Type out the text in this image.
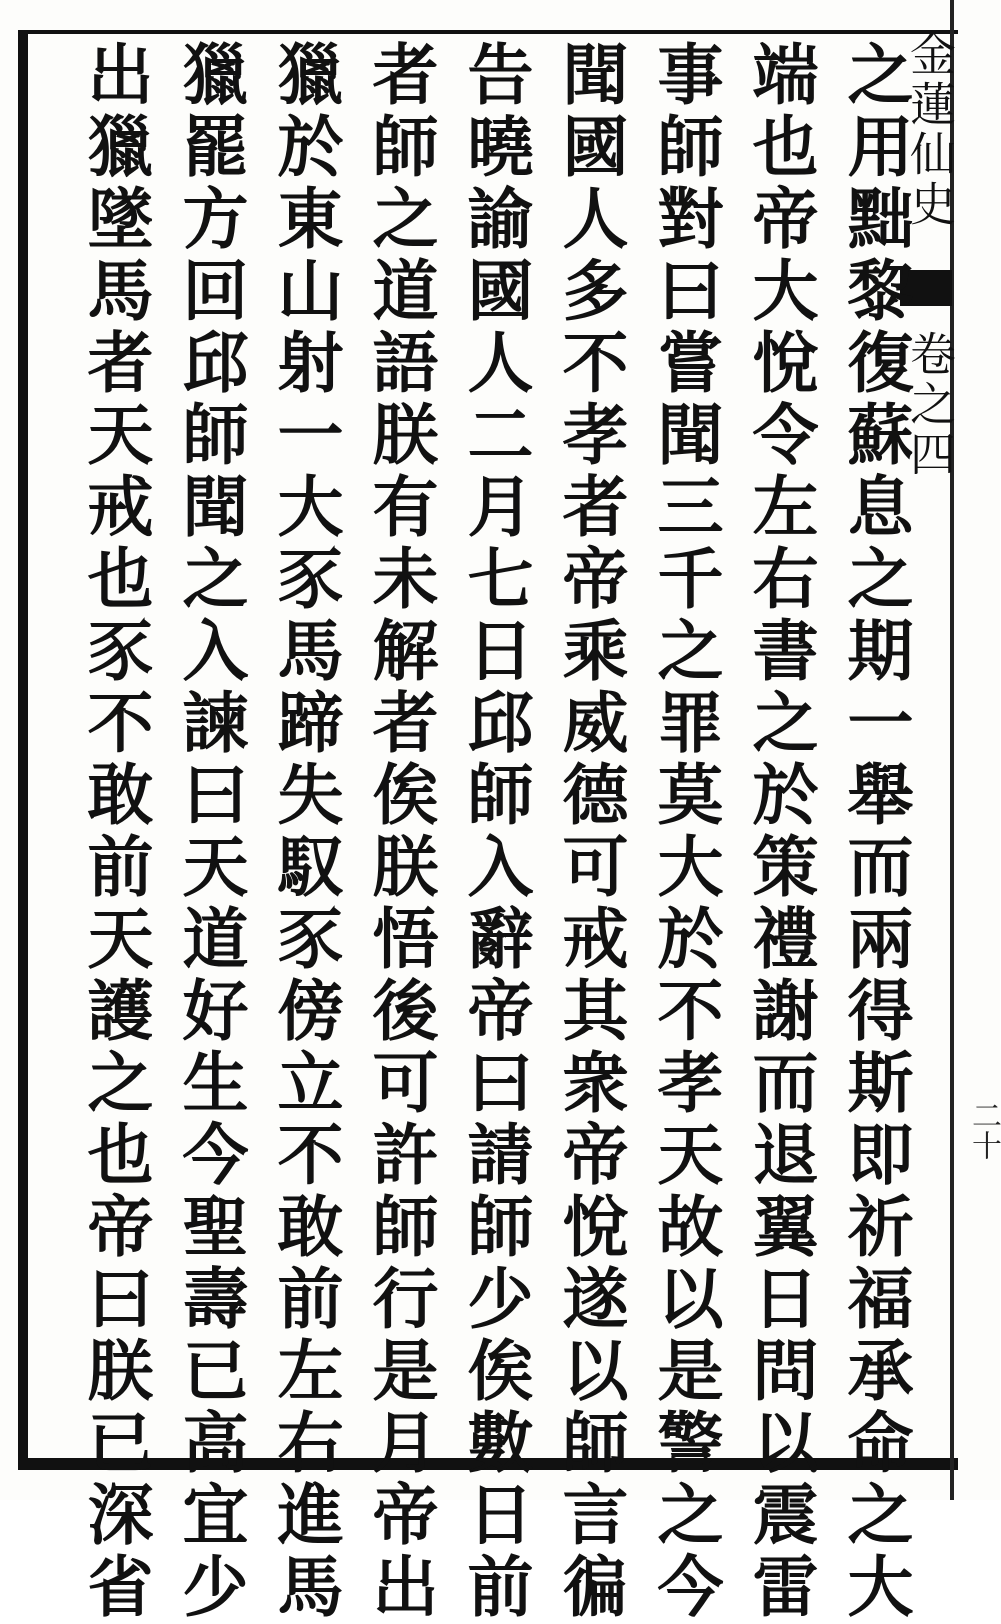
金蓮仙史
卷之四
二十
之用黜黎復蘇息之期一舉而兩得斯即祈福承命之大
端也帝大悅令左右書之於策禮謝而退翼日問以震雷
事師對曰嘗聞三千之罪莫大於不孝天故以是警之今
聞國人多不孝者帝乘威德可戒其衆帝悅遂以師言徧
告曉諭國人二月七日邱師入辭帝曰請師少俟數日前
者師之道語朕有未解者俟朕悟後可許師行是月帝出
獵於東山射一大豕馬蹄失馭豕傍立不敢前左右進馬
獵罷方回邱師聞之入諫曰天道好生今聖壽已高宜少
出獵墜馬者天戒也豕不敢前天護之也帝曰朕已深省
